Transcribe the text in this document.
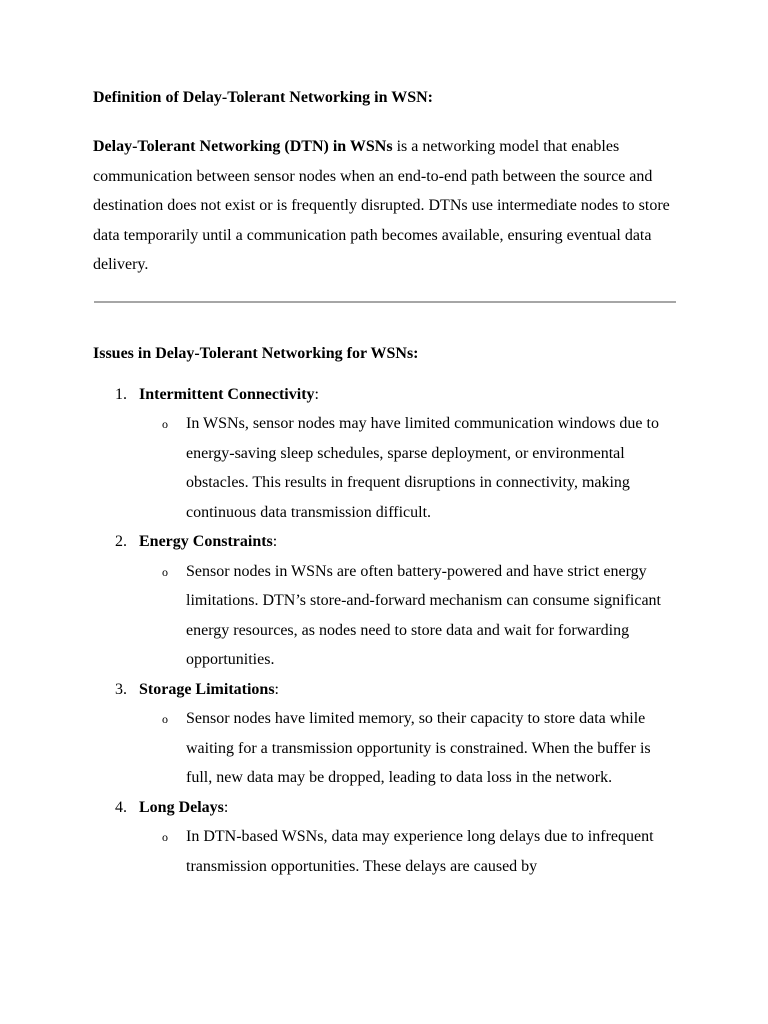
Definition of Delay-Tolerant Networking in WSN:

Delay-Tolerant Networking (DTN) in WSNs is a networking model that enables communication between sensor nodes when an end-to-end path between the source and destination does not exist or is frequently disrupted. DTNs use intermediate nodes to store data temporarily until a communication path becomes available, ensuring eventual data delivery.

Issues in Delay-Tolerant Networking for WSNs:

1. Intermittent Connectivity:
o In WSNs, sensor nodes may have limited communication windows due to energy-saving sleep schedules, sparse deployment, or environmental obstacles. This results in frequent disruptions in connectivity, making continuous data transmission difficult.
2. Energy Constraints:
o Sensor nodes in WSNs are often battery-powered and have strict energy limitations. DTN’s store-and-forward mechanism can consume significant energy resources, as nodes need to store data and wait for forwarding opportunities.
3. Storage Limitations:
o Sensor nodes have limited memory, so their capacity to store data while waiting for a transmission opportunity is constrained. When the buffer is full, new data may be dropped, leading to data loss in the network.
4. Long Delays:
o In DTN-based WSNs, data may experience long delays due to infrequent transmission opportunities. These delays are caused by
